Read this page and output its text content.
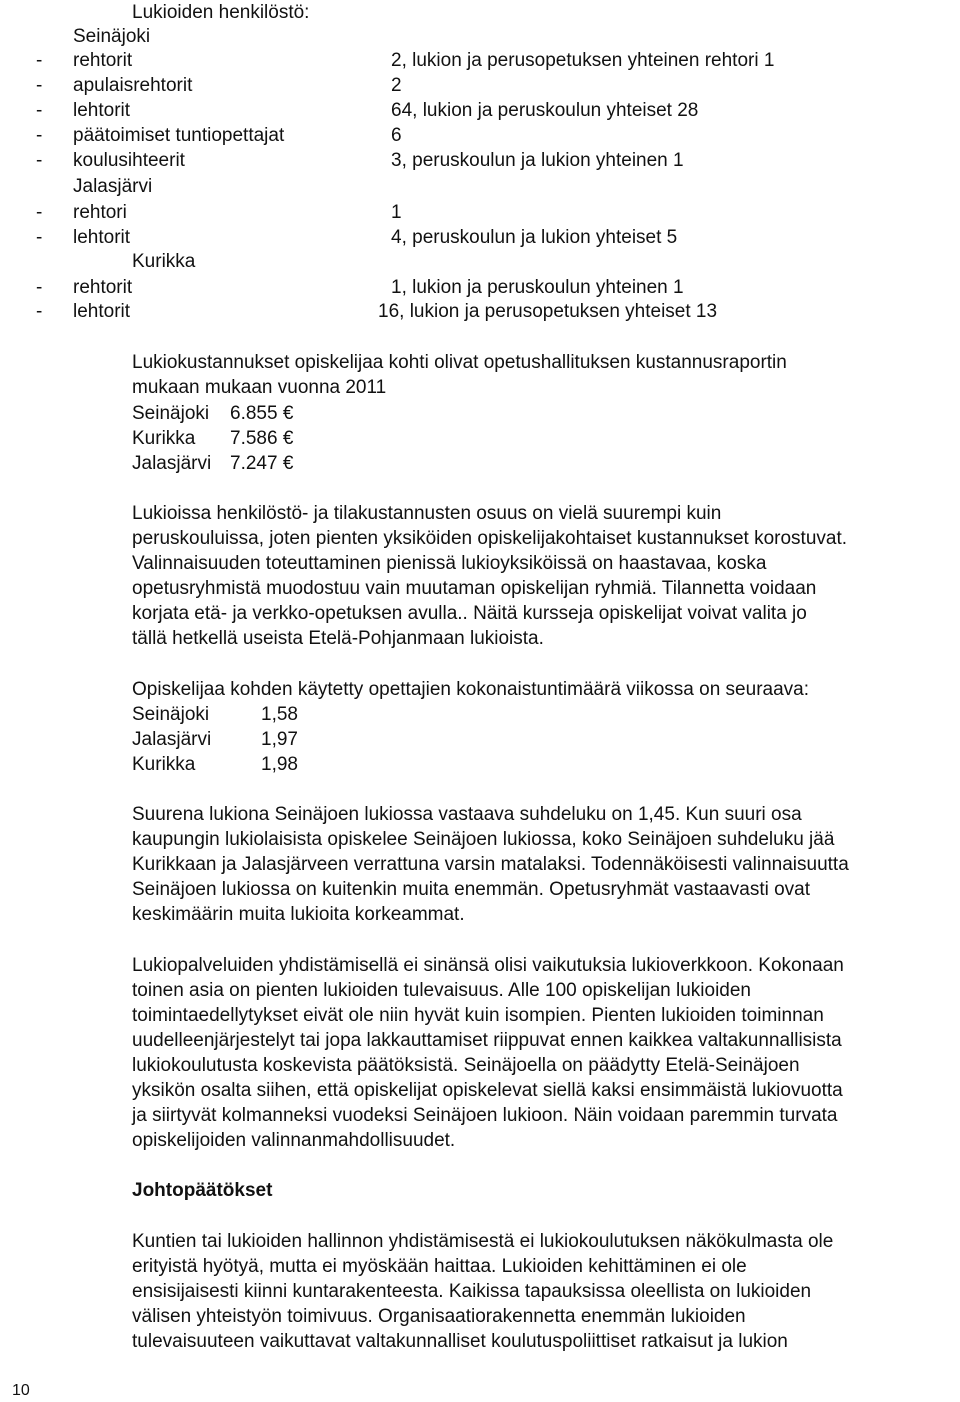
Lukioiden henkilöstö:
Seinäjoki
- rehtorit	2, lukion ja perusopetuksen yhteinen rehtori 1
- apulaisrehtorit	2
- lehtorit	64, lukion ja peruskoulun yhteiset 28
- päätoimiset tuntiopettajat	6
- koulusihteerit	3, peruskoulun ja lukion yhteinen 1
Jalasjärvi
- rehtori	1
- lehtorit	4, peruskoulun ja lukion yhteiset 5
Kurikka
- rehtorit	1, lukion ja peruskoulun yhteinen 1
- lehtorit	16, lukion ja perusopetuksen yhteiset 13
Lukiokustannukset opiskelijaa kohti olivat opetushallituksen kustannusraportin
mukaan mukaan vuonna 2011
Seinäjoki 6.855 €
Kurikka 7.586 €
Jalasjärvi 7.247 €
Lukioissa henkilöstö- ja tilakustannusten osuus on vielä suurempi kuin
peruskouluissa, joten pienten yksiköiden opiskelijakohtaiset kustannukset korostuvat.
Valinnaisuuden toteuttaminen pienissä lukioyksiköissä on haastavaa, koska
opetusryhmistä muodostuu vain muutaman opiskelijan ryhmiä. Tilannetta voidaan
korjata etä- ja verkko-opetuksen avulla.. Näitä kursseja opiskelijat voivat valita jo
tällä hetkellä useista Etelä-Pohjanmaan lukioista.
Opiskelijaa kohden käytetty opettajien kokonaistuntimäärä viikossa on seuraava:
Seinäjoki	1,58
Jalasjärvi	1,97
Kurikka	1,98
Suurena lukiona Seinäjoen lukiossa vastaava suhdeluku on 1,45. Kun suuri osa
kaupungin lukiolaisista opiskelee Seinäjoen lukiossa, koko Seinäjoen suhdeluku jää
Kurikkaan ja Jalasjärveen verrattuna varsin matalaksi. Todennäköisesti valinnaisuutta
Seinäjoen lukiossa on kuitenkin muita enemmän. Opetusryhmät vastaavasti ovat
keskimäärin muita lukioita korkeammat.
Lukiopalveluiden yhdistämisellä ei sinänsä olisi vaikutuksia lukioverkkoon. Kokonaan
toinen asia on pienten lukioiden tulevaisuus. Alle 100 opiskelijan lukioiden
toimintaedellytykset eivät ole niin hyvät kuin isompien. Pienten lukioiden toiminnan
uudelleenjärjestelyt tai jopa lakkauttamiset riippuvat ennen kaikkea valtakunnallisista
lukiokoulutusta koskevista päätöksistä. Seinäjoella on päädytty Etelä-Seinäjoen
yksikön osalta siihen, että opiskelijat opiskelevat siellä kaksi ensimmäistä lukiovuotta
ja siirtyvät kolmanneksi vuodeksi Seinäjoen lukioon. Näin voidaan paremmin turvata
opiskelijoiden valinnanmahdollisuudet.
Johtopäätökset
Kuntien tai lukioiden hallinnon yhdistämisestä ei lukiokoulutuksen näkökulmasta ole
erityistä hyötyä, mutta ei myöskään haittaa. Lukioiden kehittäminen ei ole
ensisijaisesti kiinni kuntarakenteesta. Kaikissa tapauksissa oleellista on lukioiden
välisen yhteistyön toimivuus. Organisaatiorakennetta enemmän lukioiden
tulevaisuuteen vaikuttavat valtakunnalliset koulutuspoliittiset ratkaisut ja lukion
10
